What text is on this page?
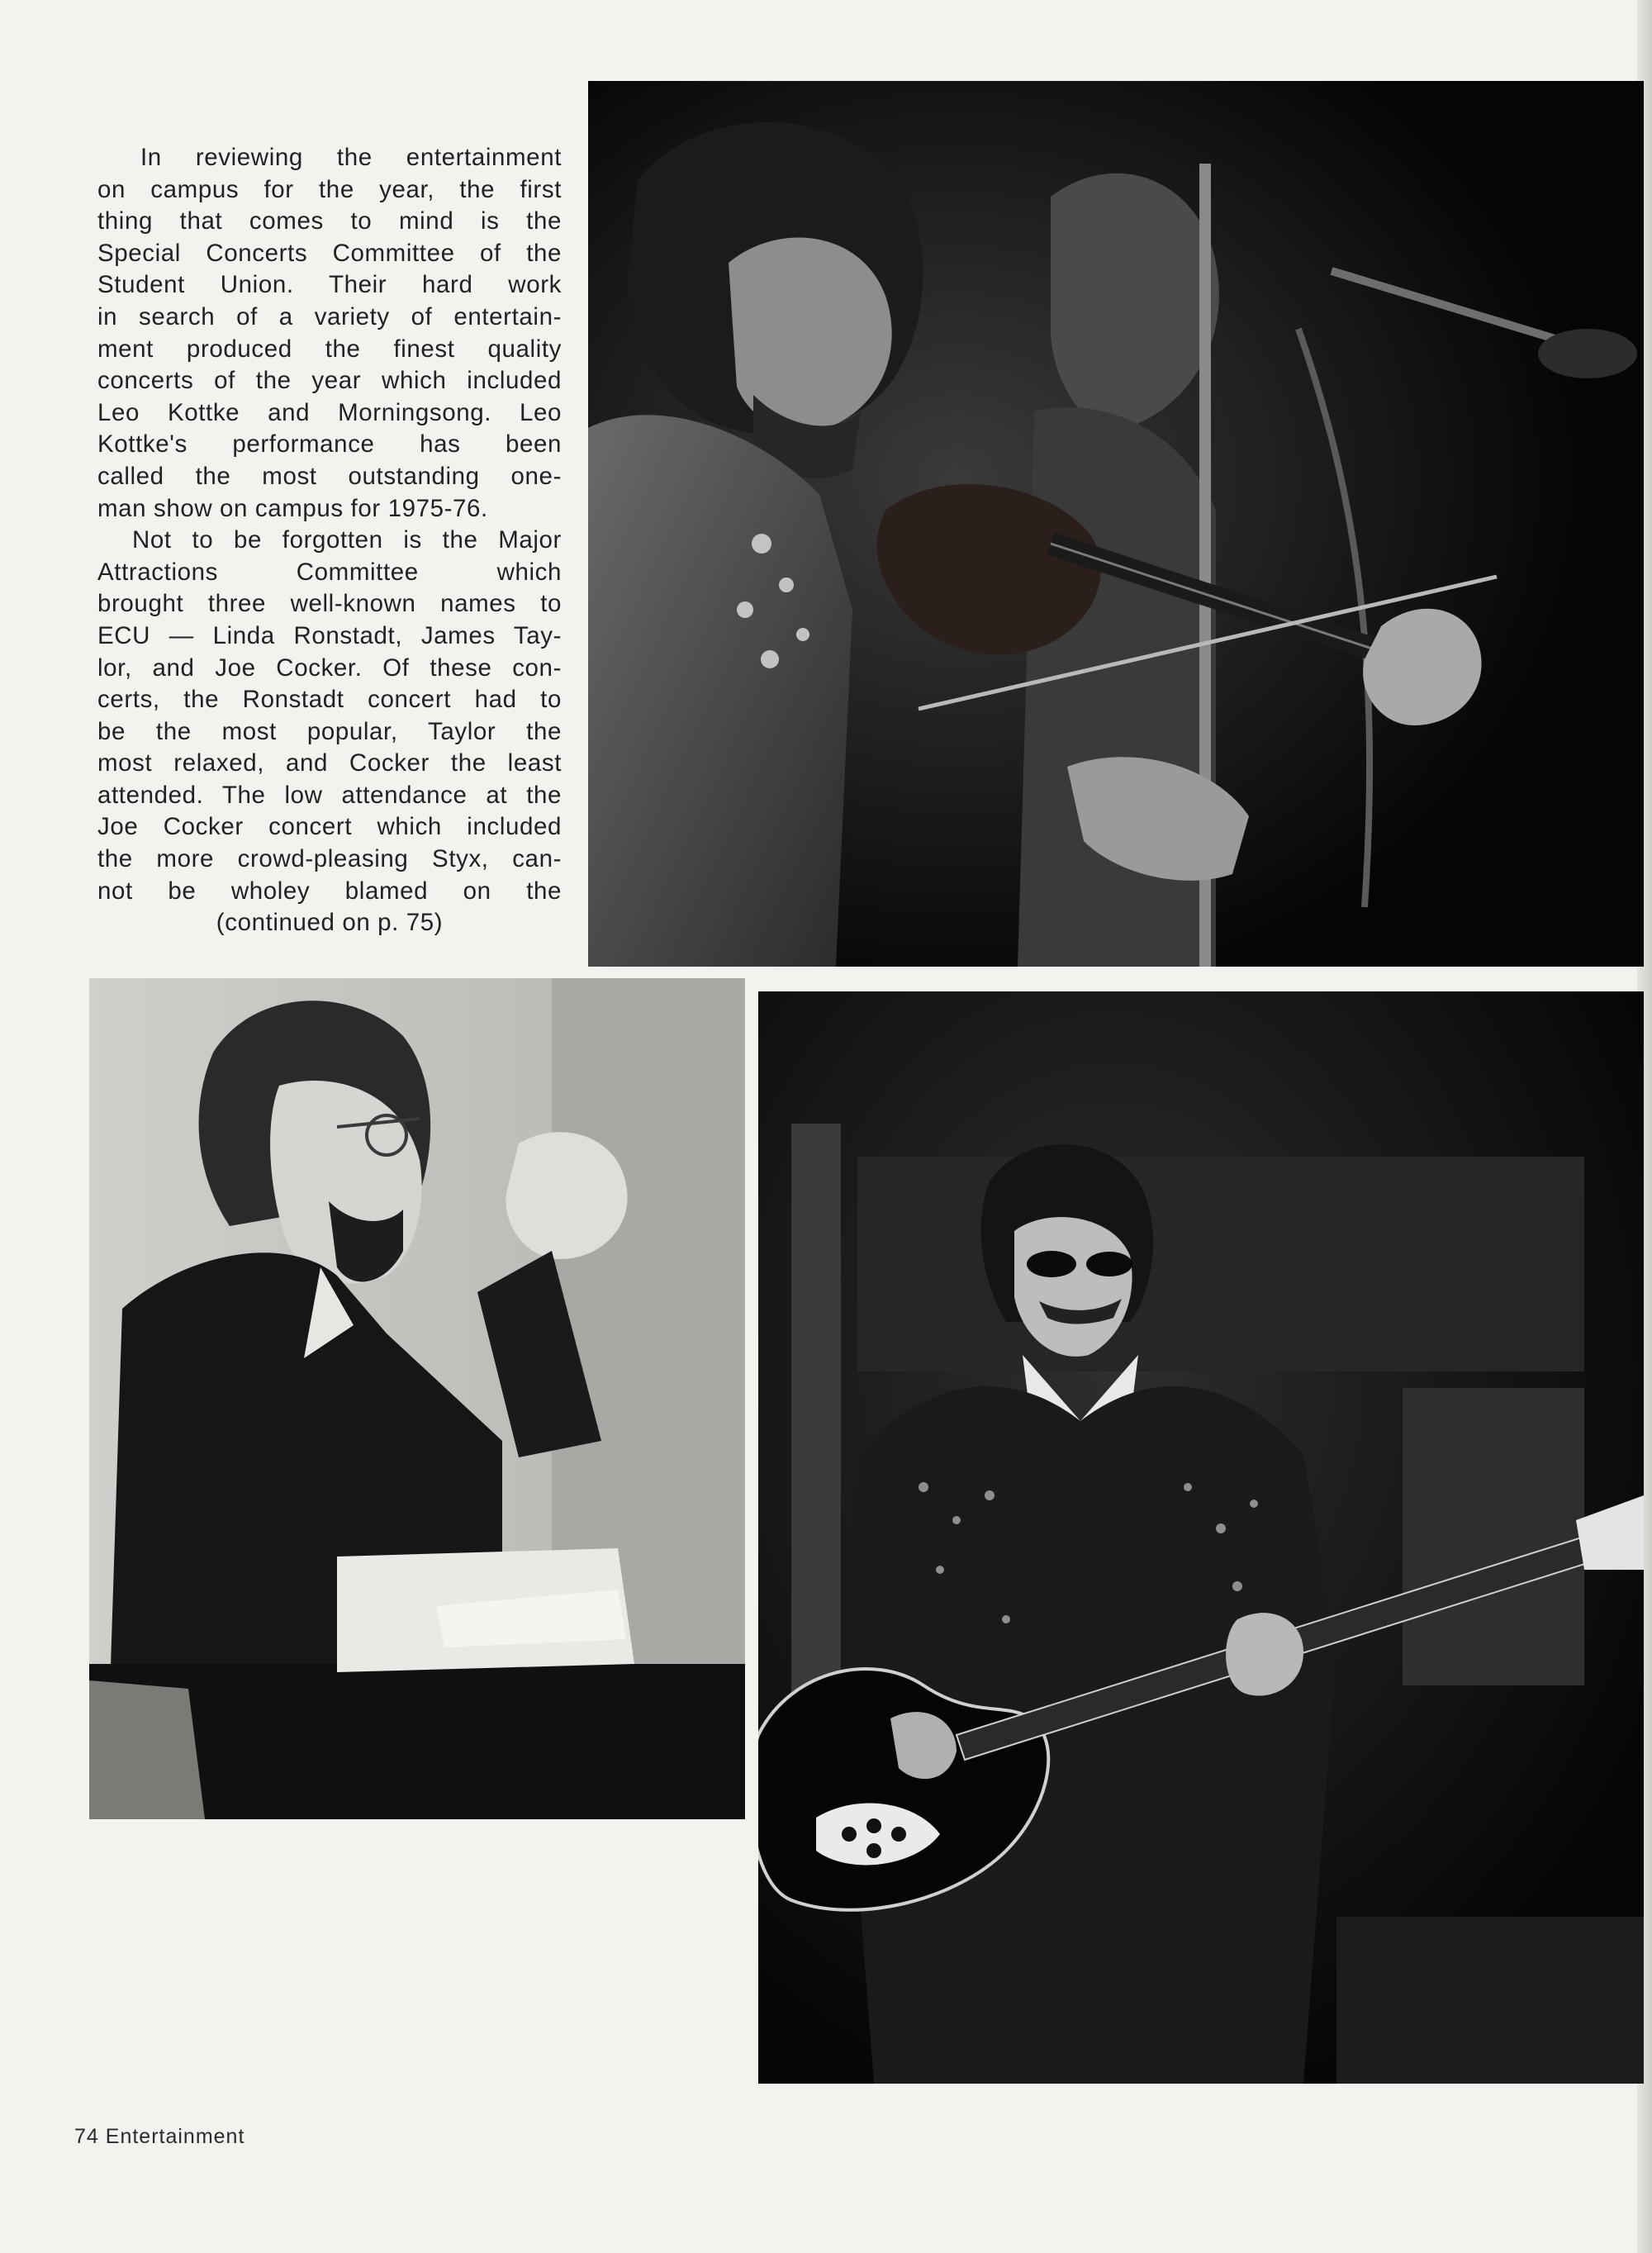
In reviewing the entertainment
on campus for the year, the first
thing that comes to mind is the
Special Concerts Committee of the
Student Union. Their hard work
in search of a variety of entertain-
ment produced the finest quality
concerts of the year which included
Leo Kottke and Morningsong. Leo
Kottke's performance has been
called the most outstanding one-
man show on campus for 1975-76.
Not to be forgotten is the Major
Attractions Committee which
brought three well-known names to
ECU — Linda Ronstadt, James Tay-
lor, and Joe Cocker. Of these con-
certs, the Ronstadt concert had to
be the most popular, Taylor the
most relaxed, and Cocker the least
attended. The low attendance at the
Joe Cocker concert which included
the more crowd-pleasing Styx, can-
not be wholey blamed on the
(continued on p. 75)
74 Entertainment
